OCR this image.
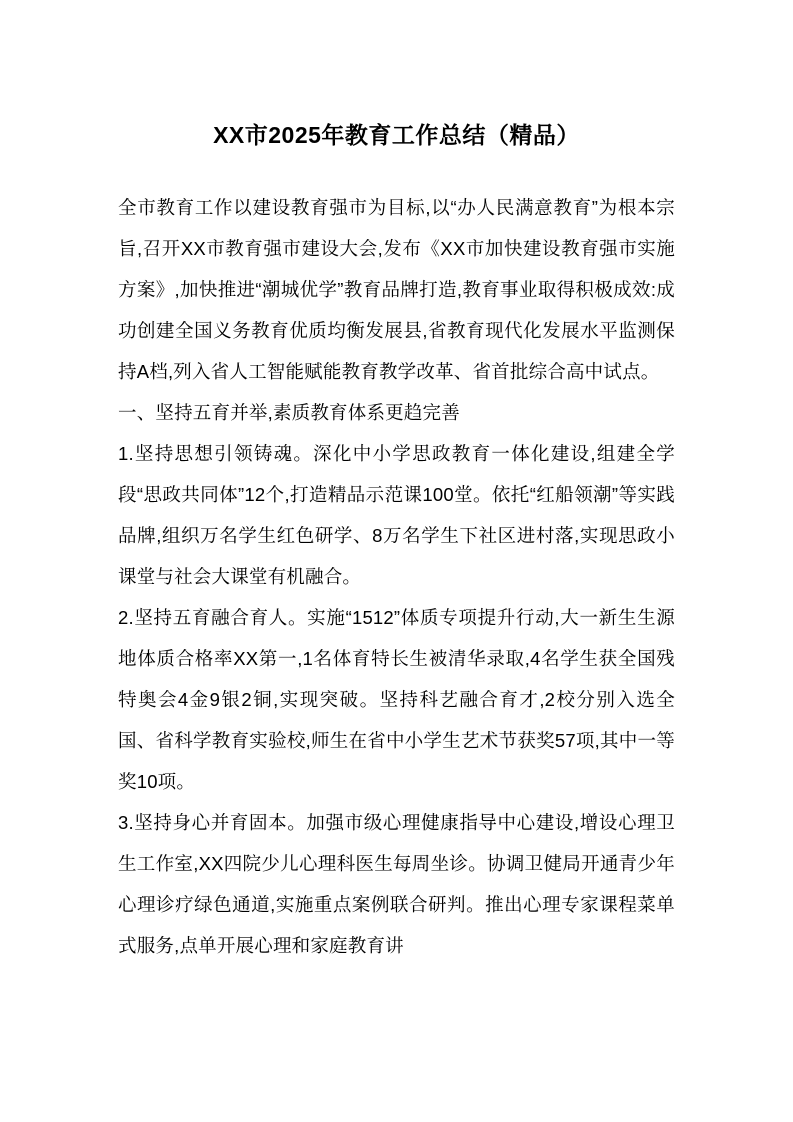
XX市2025年教育工作总结（精品）

全市教育工作以建设教育强市为目标,以“办人民满意教育”为根本宗旨,召开XX市教育强市建设大会,发布《XX市加快建设教育强市实施方案》,加快推进“潮城优学”教育品牌打造,教育事业取得积极成效:成功创建全国义务教育优质均衡发展县,省教育现代化发展水平监测保持A档,列入省人工智能赋能教育教学改革、省首批综合高中试点。

一、坚持五育并举,素质教育体系更趋完善

1.坚持思想引领铸魂。深化中小学思政教育一体化建设,组建全学段“思政共同体”12个,打造精品示范课100堂。依托“红船领潮”等实践品牌,组织万名学生红色研学、8万名学生下社区进村落,实现思政小课堂与社会大课堂有机融合。

2.坚持五育融合育人。实施“1512”体质专项提升行动,大一新生生源地体质合格率XX第一,1名体育特长生被清华录取,4名学生获全国残特奥会4金9银2铜,实现突破。坚持科艺融合育才,2校分别入选全国、省科学教育实验校,师生在省中小学生艺术节获奖57项,其中一等奖10项。

3.坚持身心并育固本。加强市级心理健康指导中心建设,增设心理卫生工作室,XX四院少儿心理科医生每周坐诊。协调卫健局开通青少年心理诊疗绿色通道,实施重点案例联合研判。推出心理专家课程菜单式服务,点单开展心理和家庭教育讲
